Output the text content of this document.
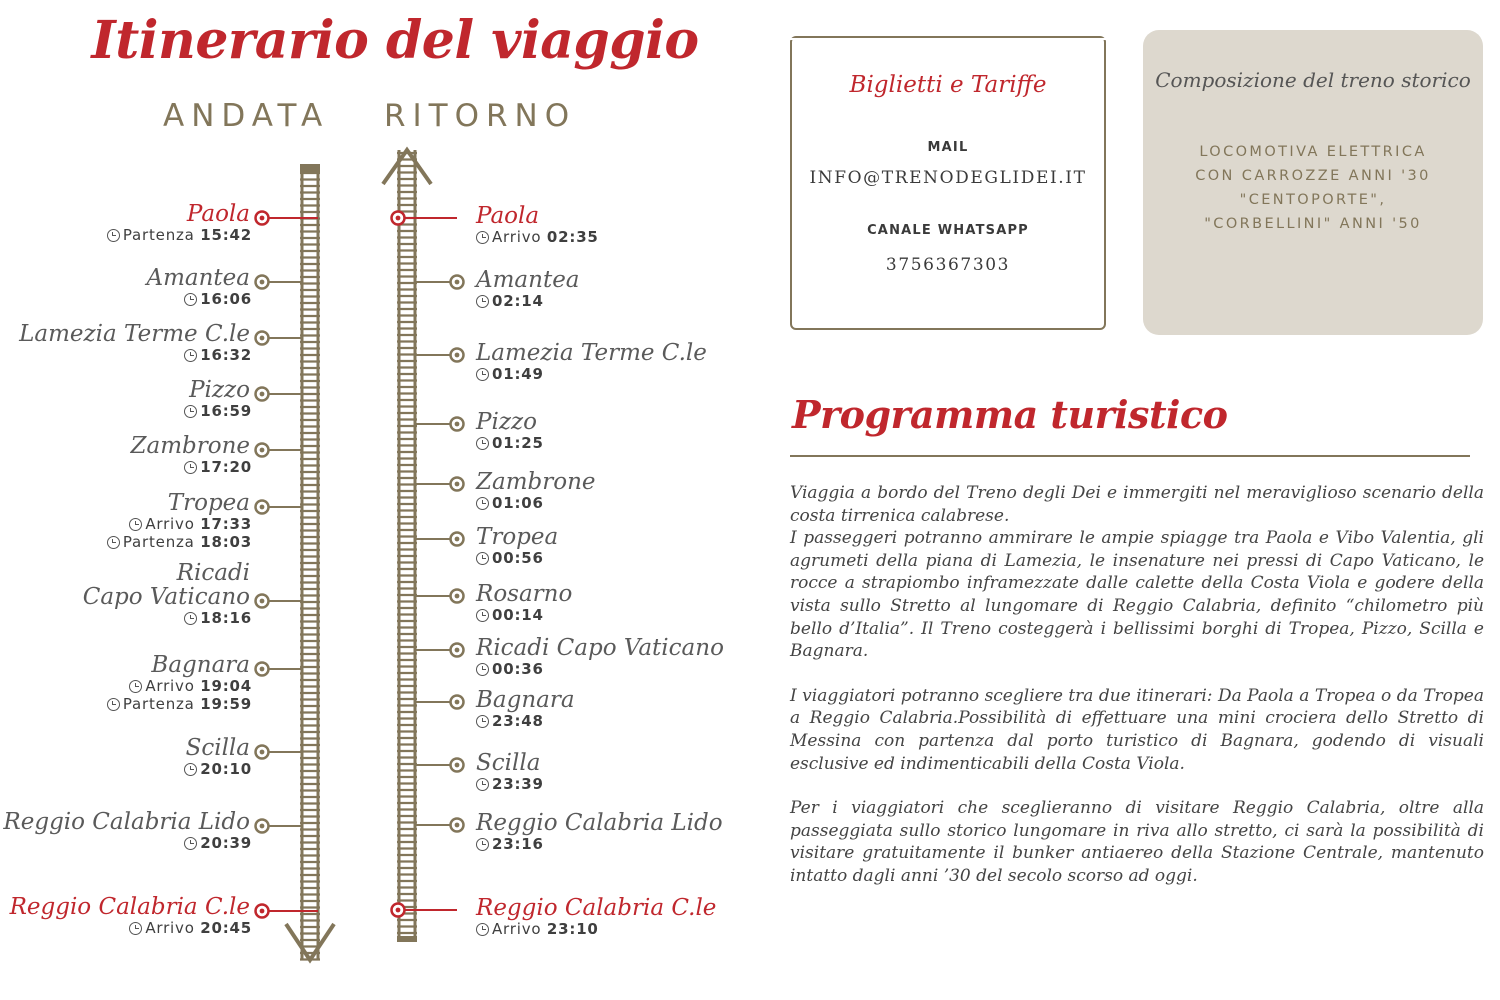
Itinerario del viaggio
ANDATA RITORNO
Paola
Partenza 15:42
Amantea
16:06
Lamezia Terme C.le
16:32
Pizzo
16:59
Zambrone
17:20
Tropea
Arrivo 17:33
Partenza 18:03
Ricadi
Capo Vaticano
18:16
Bagnara
Arrivo 19:04
Partenza 19:59
Scilla
20:10
Reggio Calabria Lido
20:39
Reggio Calabria C.le
Arrivo 20:45
Paola
Arrivo 02:35
Amantea
02:14
Lamezia Terme C.le
01:49
Pizzo
01:25
Zambrone
01:06
Tropea
00:56
Rosarno
00:14
Ricadi Capo Vaticano
00:36
Bagnara
23:48
Scilla
23:39
Reggio Calabria Lido
23:16
Reggio Calabria C.le
Arrivo 23:10
Biglietti e Tariffe
MAIL
INFO@TRENODEGLIDEI.IT
CANALE WHATSAPP
3756367303
Composizione del treno storico
LOCOMOTIVA ELETTRICA
CON CARROZZE ANNI '30
"CENTOPORTE",
"CORBELLINI" ANNI '50
Programma turistico

Viaggia a bordo del Treno degli Dei e immergiti nel meraviglioso scenario della costa tirrenica calabrese.
I passeggeri potranno ammirare le ampie spiagge tra Paola e Vibo Valentia, gli agrumeti della piana di Lamezia, le insenature nei pressi di Capo Vaticano, le rocce a strapiombo inframezzate dalle calette della Costa Viola e godere della vista sullo Stretto al lungomare di Reggio Calabria, definito “chilometro più bello d’Italia”. Il Treno costeggerà i bellissimi borghi di Tropea, Pizzo, Scilla e Bagnara.

I viaggiatori potranno scegliere tra due itinerari: Da Paola a Tropea o da Tropea a Reggio Calabria.Possibilità di effettuare una mini crociera dello Stretto di Messina con partenza dal porto turistico di Bagnara, godendo di visuali esclusive ed indimenticabili della Costa Viola.

Per i viaggiatori che sceglieranno di visitare Reggio Calabria, oltre alla passeggiata sullo storico lungomare in riva allo stretto, ci sarà la possibilità di visitare gratuitamente il bunker antiaereo della Stazione Centrale, mantenuto intatto dagli anni ’30 del secolo scorso ad oggi.
